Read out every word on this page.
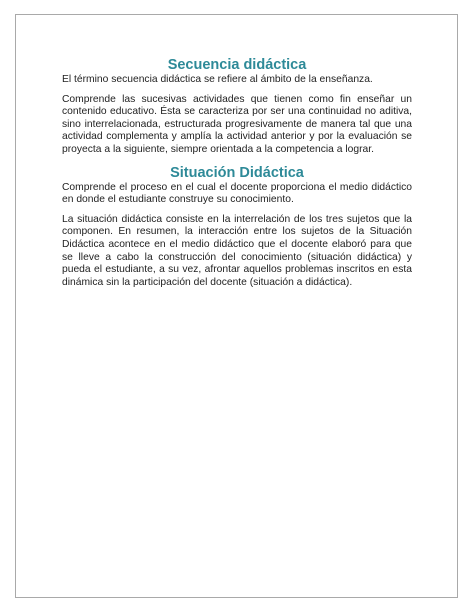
Secuencia didáctica

El término secuencia didáctica se refiere al ámbito de la enseñanza.

Comprende las sucesivas actividades que tienen como fin enseñar un contenido educativo. Ésta se caracteriza por ser una continuidad no aditiva, sino interrelacionada, estructurada progresivamente de manera tal que una actividad complementa y amplía la actividad anterior y por la evaluación se proyecta a la siguiente, siempre orientada a la competencia a lograr.

Situación Didáctica

Comprende el proceso en el cual el docente proporciona el medio didáctico en donde el estudiante construye su conocimiento.

La situación didáctica consiste en la interrelación de los tres sujetos que la componen. En resumen, la interacción entre los sujetos de la Situación Didáctica acontece en el medio didáctico que el docente elaboró para que se lleve a cabo la construcción del conocimiento (situación didáctica) y pueda el estudiante, a su vez, afrontar aquellos problemas inscritos en esta dinámica sin la participación del docente (situación a didáctica).
